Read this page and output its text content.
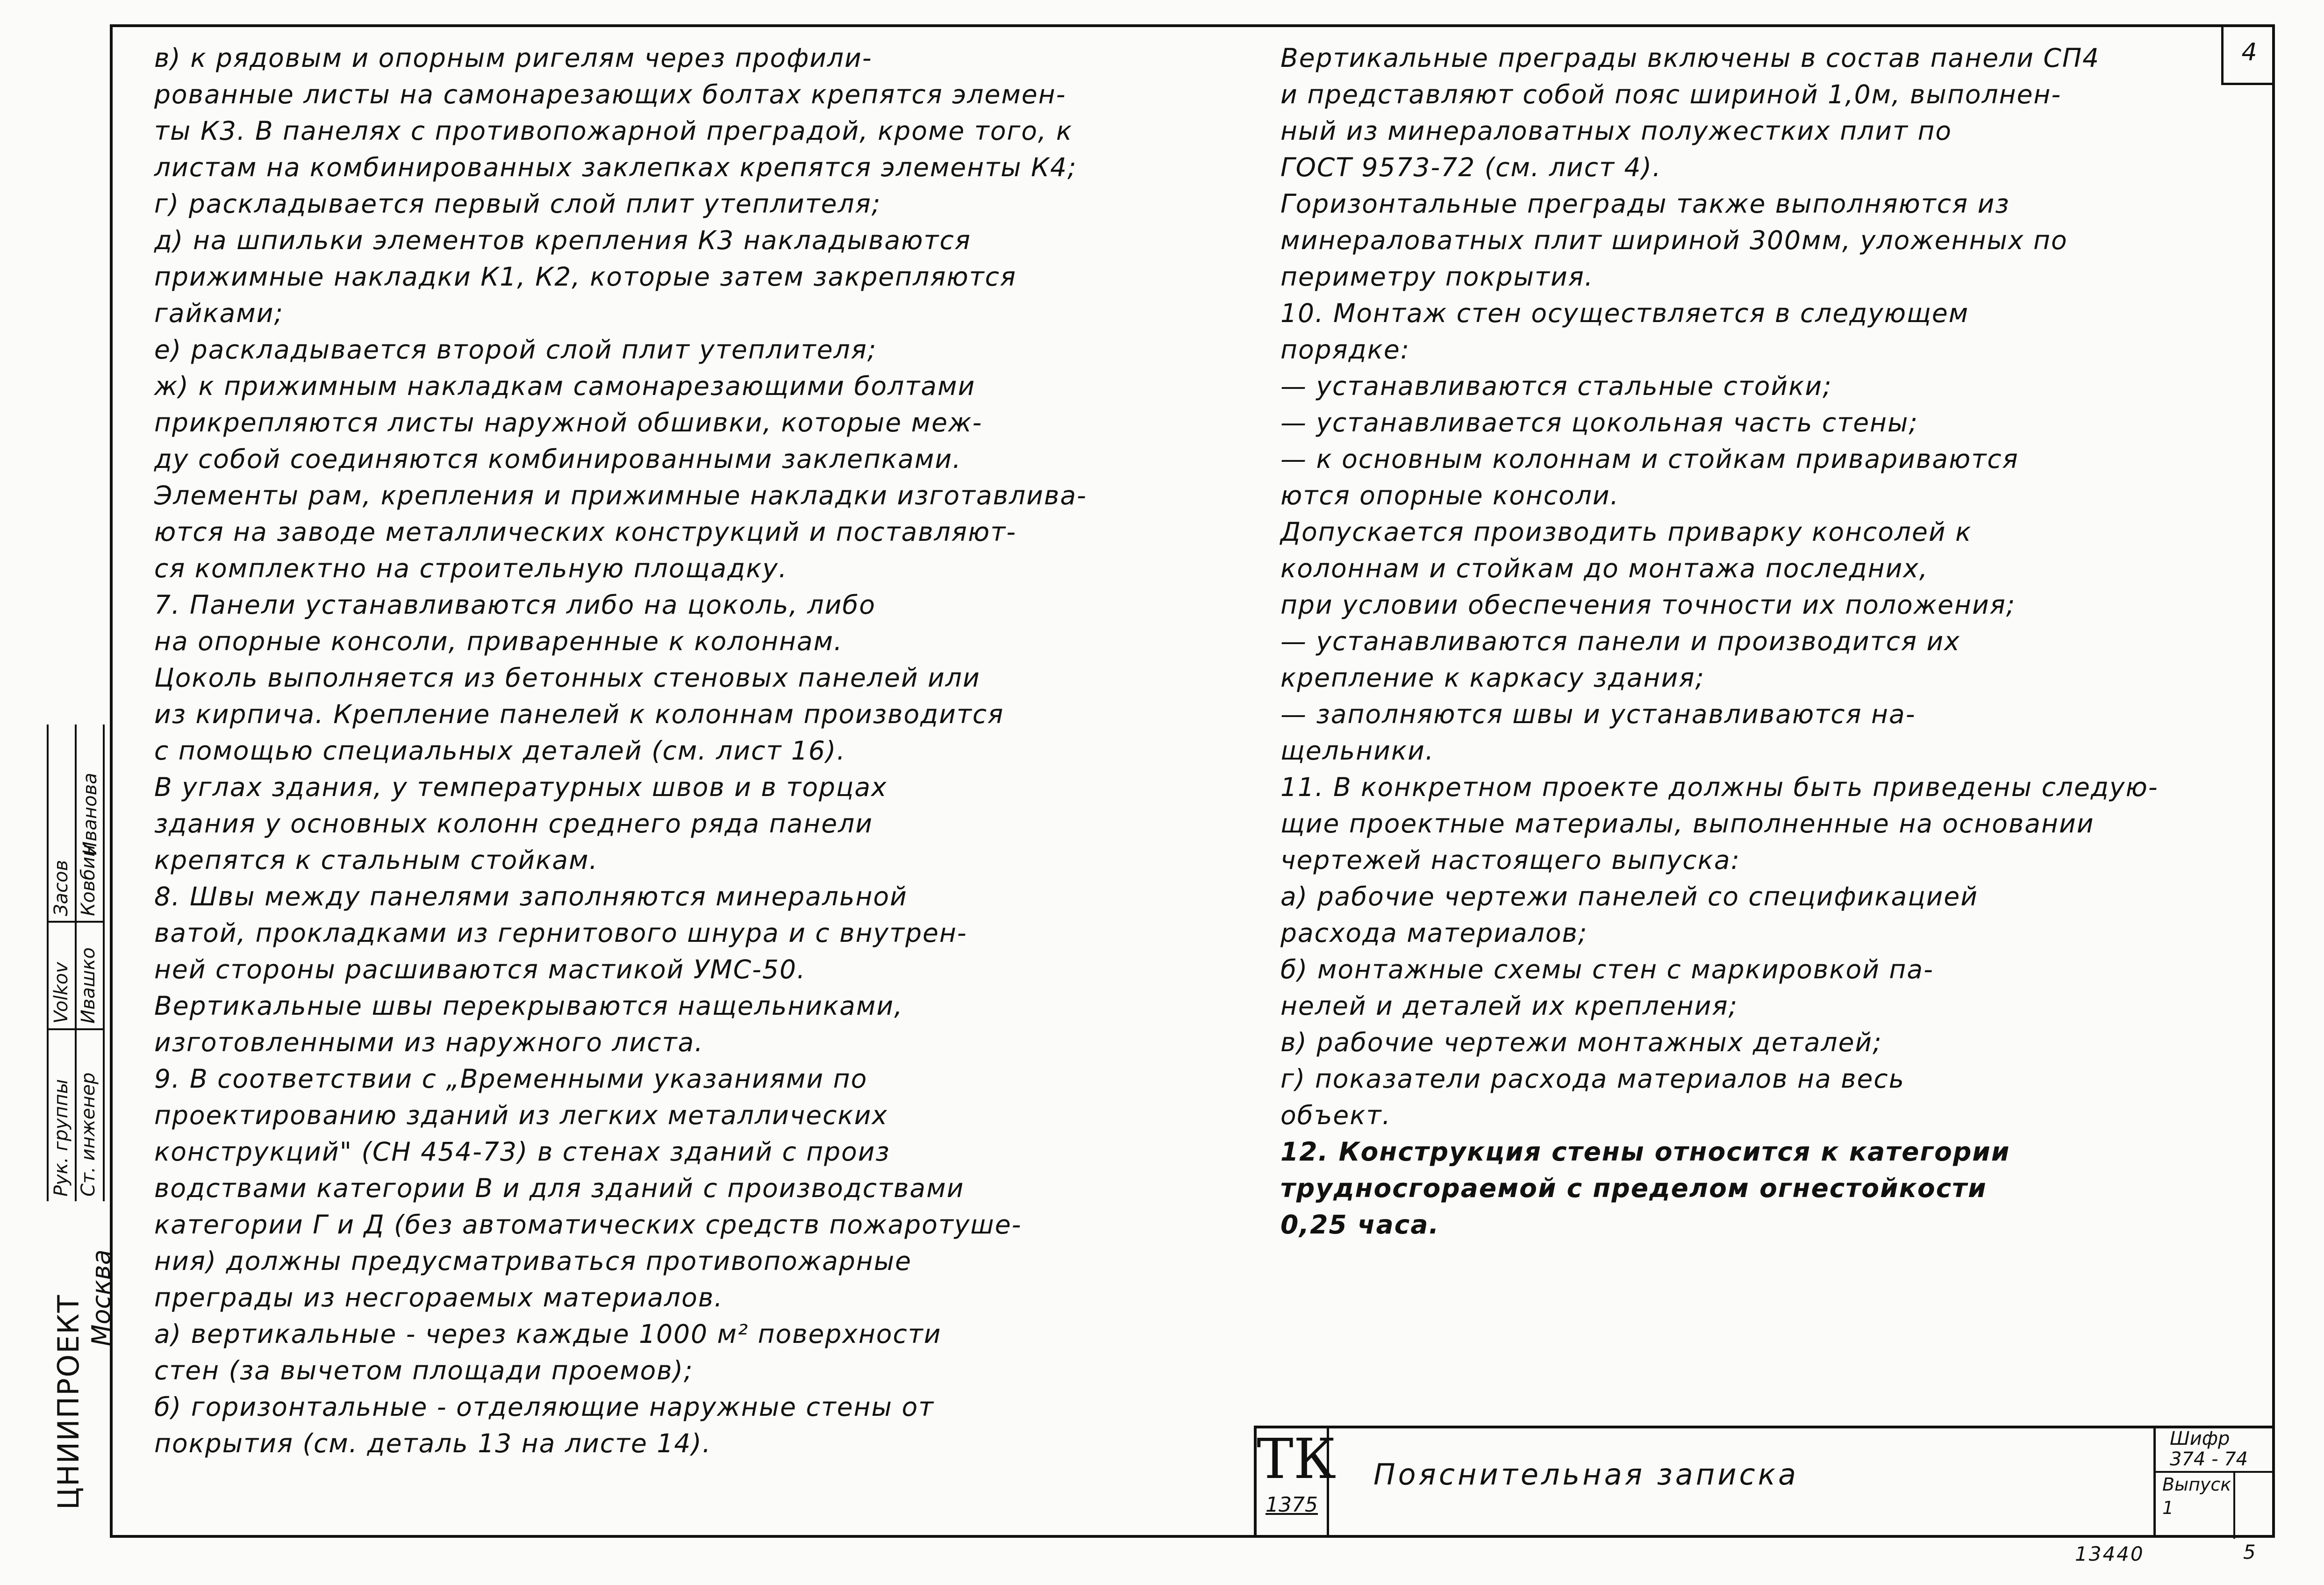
4

в) к рядовым и опорным ригелям через профили-

рованные листы на самонарезающих болтах крепятся элемен-

ты К3. В панелях с противопожарной преградой, кроме того, к

листам на комбинированных заклепках крепятся элементы К4;

г) раскладывается первый слой плит утеплителя;

д) на шпильки элементов крепления К3 накладываются

прижимные накладки К1, К2, которые затем закрепляются

гайками;

е) раскладывается второй слой плит утеплителя;

ж) к прижимным накладкам самонарезающими болтами

прикрепляются листы наружной обшивки, которые меж-

ду собой соединяются комбинированными заклепками.

Элементы рам, крепления и прижимные накладки изготавлива-

ются на заводе металлических конструкций и поставляют-

ся комплектно на строительную площадку.

7. Панели устанавливаются либо на цоколь, либо

на опорные консоли, приваренные к колоннам.

Цоколь выполняется из бетонных стеновых панелей или

из кирпича. Крепление панелей к колоннам производится

с помощью специальных деталей (см. лист 16).

В углах здания, у температурных швов и в торцах

здания у основных колонн среднего ряда панели

крепятся к стальным стойкам.

8. Швы между панелями заполняются минеральной

ватой, прокладками из гернитового шнура и с внутрен-

ней стороны расшиваются мастикой УМС-50.

Вертикальные швы перекрываются нащельниками,

изготовленными из наружного листа.

9. В соответствии с „Временными указаниями по

проектированию зданий из легких металлических

конструкций" (СН 454-73) в стенах зданий с произ

водствами категории В и для зданий с производствами

категории Г и Д (без автоматических средств пожаротуше-

ния) должны предусматриваться противопожарные

преграды из несгораемых материалов.

а) вертикальные - через каждые 1000 м² поверхности

стен (за вычетом площади проемов);

б) горизонтальные - отделяющие наружные стены от

покрытия (см. деталь 13 на листе 14).

Вертикальные преграды включены в состав панели СП4

и представляют собой пояс шириной 1,0м, выполнен-

ный из минераловатных полужестких плит по

ГОСТ 9573-72 (см. лист 4).

Горизонтальные преграды также выполняются из

минераловатных плит шириной 300мм, уложенных по

периметру покрытия.

10. Монтаж стен осуществляется в следующем

порядке:

— устанавливаются стальные стойки;

— устанавливается цокольная часть стены;

— к основным колоннам и стойкам привариваются

ются опорные консоли.

Допускается производить приварку консолей к

колоннам и стойкам до монтажа последних,

при условии обеспечения точности их положения;

— устанавливаются панели и производится их

крепление к каркасу здания;

— заполняются швы и устанавливаются на-

щельники.

11. В конкретном проекте должны быть приведены следую-

щие проектные материалы, выполненные на основании

чертежей настоящего выпуска:

а) рабочие чертежи панелей со спецификацией

расхода материалов;

б) монтажные схемы стен с маркировкой па-

нелей и деталей их крепления;

в) рабочие чертежи монтажных деталей;

г) показатели расхода материалов на весь

объект.

12. Конструкция стены относится к категории

трудносгораемой с пределом огнестойкости

0,25 часа.

Рук. группы Ст. инженер
Volkov Ивашко
Засов Ковбин
Иванова
ЦНИИПРОЕКТ Москва
ТК
1375
Пояснительная записка
Шифр
374 - 74
Выпуск
1
13440	5
